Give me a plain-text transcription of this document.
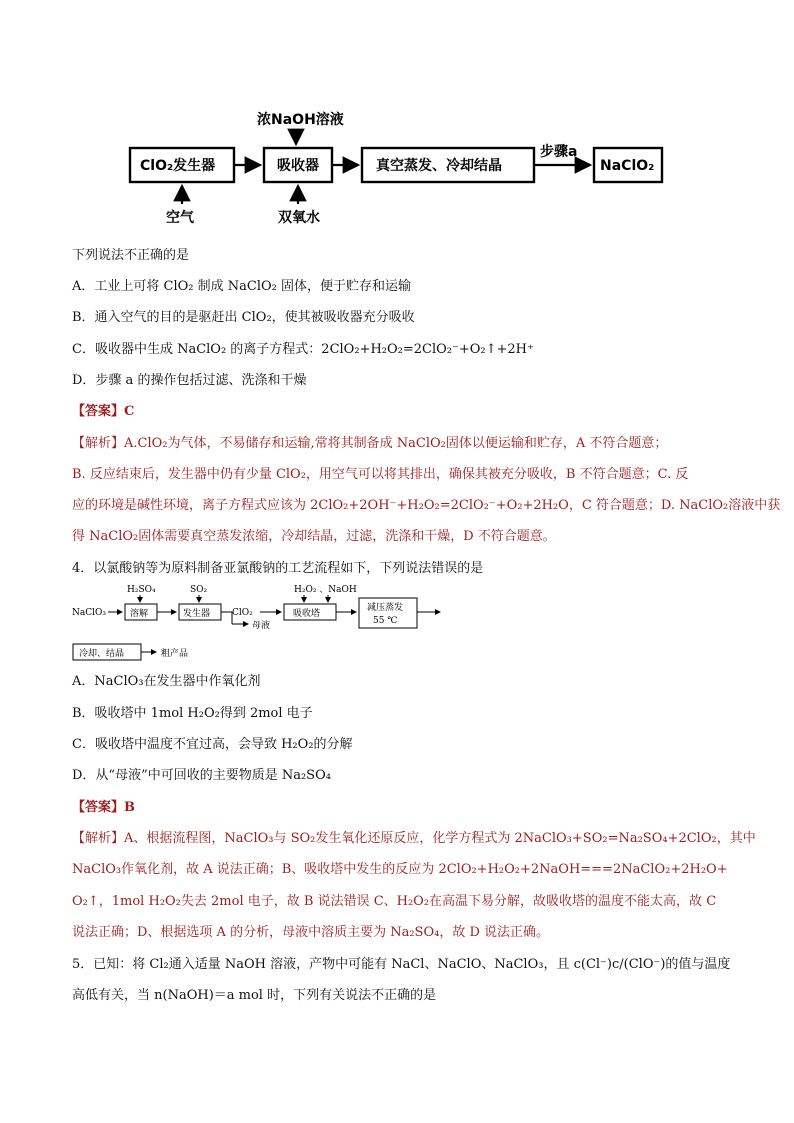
浓NaOH溶液
ClO₂发生器	吸收器	真空蒸发、冷却结晶
步骤a
NaClO₂
空气	双氧水
下列说法不正确的是
A．工业上可将 ClO₂ 制成 NaClO₂ 固体，便于贮存和运输
B．通入空气的目的是驱赶出 ClO₂，使其被吸收器充分吸收
C．吸收器中生成 NaClO₂ 的离子方程式：2ClO₂+H₂O₂=2ClO₂⁻+O₂↑+2H⁺
D．步骤 a 的操作包括过滤、洗涤和干燥
【答案】C
【解析】A.ClO₂为气体，不易储存和运输,常将其制备成 NaClO₂固体以便运输和贮存，A 不符合题意；
B. 反应结束后，发生器中仍有少量 ClO₂，用空气可以将其排出，确保其被充分吸收，B 不符合题意；C. 反
应的环境是碱性环境，离子方程式应该为 2ClO₂+2OH⁻+H₂O₂=2ClO₂⁻+O₂+2H₂O，C 符合题意；D. NaClO₂溶液中获
得 NaClO₂固体需要真空蒸发浓缩，冷却结晶，过滤，洗涤和干燥，D 不符合题意。
4．以氯酸钠等为原料制备亚氯酸钠的工艺流程如下，下列说法错误的是
NaClO₃
H₂SO₄
溶解
SO₂
发生器 ClO₂
母液
H₂O₂ 、NaOH
吸收塔
减压蒸发
55 ℃
冷却、结晶	粗产品
A．NaClO₃在发生器中作氧化剂
B．吸收塔中 1mol H₂O₂得到 2mol 电子
C．吸收塔中温度不宜过高，会导致 H₂O₂的分解
D．从“母液”中可回收的主要物质是 Na₂SO₄
【答案】B
【解析】A、根据流程图，NaClO₃与 SO₂发生氧化还原反应，化学方程式为 2NaClO₃+SO₂=Na₂SO₄+2ClO₂，其中
NaClO₃作氧化剂，故 A 说法正确；B、吸收塔中发生的反应为 2ClO₂+H₂O₂+2NaOH===2NaClO₂+2H₂O+
O₂↑，1mol H₂O₂失去 2mol 电子，故 B 说法错误 C、H₂O₂在高温下易分解，故吸收塔的温度不能太高，故 C
说法正确；D、根据选项 A 的分析，母液中溶质主要为 Na₂SO₄，故 D 说法正确。
5．已知：将 Cl₂通入适量 NaOH 溶液，产物中可能有 NaCl、NaClO、NaClO₃，且 c(Cl⁻)c/(ClO⁻)的值与温度
高低有关，当 n(NaOH)＝a mol 时，下列有关说法不正确的是
